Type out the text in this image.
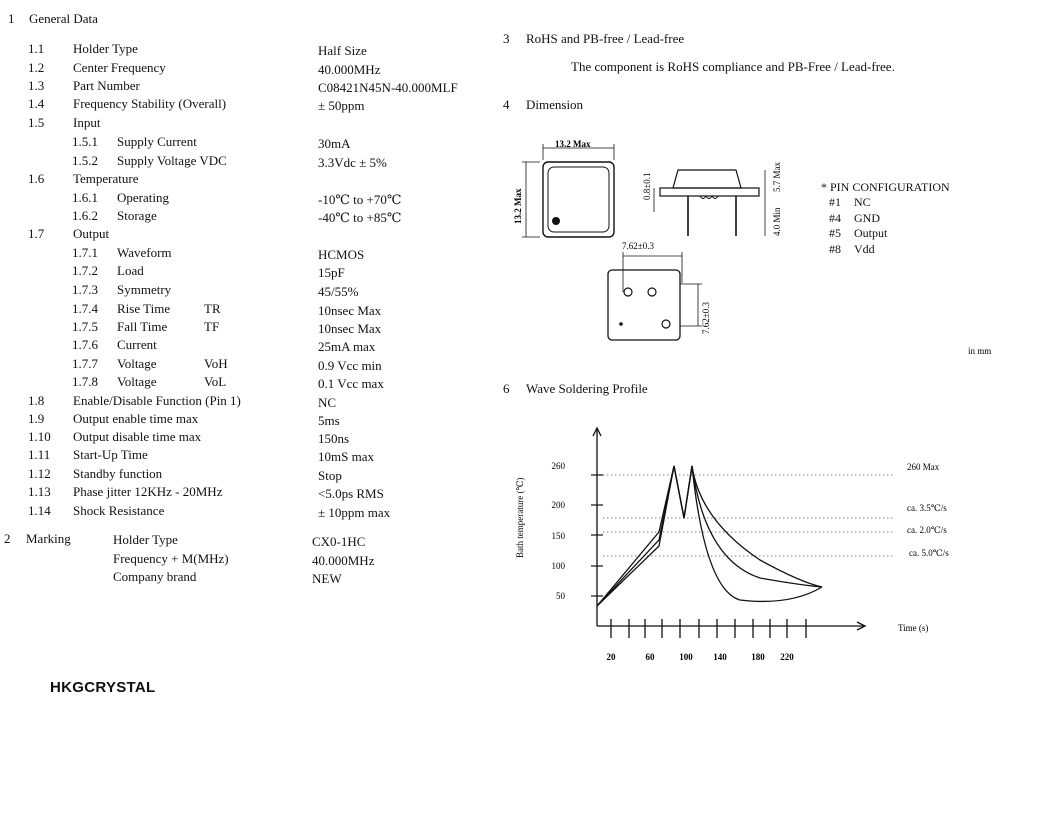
1 General Data
1.1 Holder Type	Half Size
1.2 Center Frequency	40.000MHz
1.3 Part Number	C08421N45N-40.000MLF
1.4 Frequency Stability (Overall)	± 50ppm
1.5 Input
1.5.1 Supply Current	30mA
1.5.2 Supply Voltage VDC	3.3Vdc ± 5%
1.6 Temperature
1.6.1 Operating	-10℃ to +70℃
1.6.2 Storage	-40℃ to +85℃
1.7 Output
1.7.1 Waveform	HCMOS
1.7.2 Load	15pF
1.7.3 Symmetry	45/55%
1.7.4 Rise Time	TR	10nsec Max
1.7.5 Fall Time	TF	10nsec Max
1.7.6 Current	25mA max
1.7.7 Voltage	VoH	0.9 Vcc min
1.7.8 Voltage	VoL	0.1 Vcc max
1.8 Enable/Disable Function (Pin 1)	NC
1.9 Output enable time max	5ms
1.10 Output disable time max	150ns
1.11 Start-Up Time	10mS max
1.12 Standby function	Stop
1.13 Phase jitter 12KHz - 20MHz	<5.0ps RMS
1.14 Shock Resistance	± 10ppm max
2 Marking	Holder Type	CX0-1HC
Frequency + M(MHz)	40.000MHz
Company brand	NEW
3 RoHS and PB-free / Lead-free
The component is RoHS compliance and PB-Free / Lead-free.
4 Dimension
13.2 Max
13.2 Max
0.8±0.1	5.7 Max
4.0 Min
7.62±0.3
7.62±0.3
in mm
* PIN CONFIGURATION
#1 NC
#4 GND
#5 Output
#8 Vdd
6 Wave Soldering Profile
20	60	100 140	180 220
50
100
150
200
260
Time (s)
Bath temperature (℃)
260 Max
ca. 3.5℃/s
ca. 2.0℃/s
ca. 5.0℃/s
HKGCRYSTAL
